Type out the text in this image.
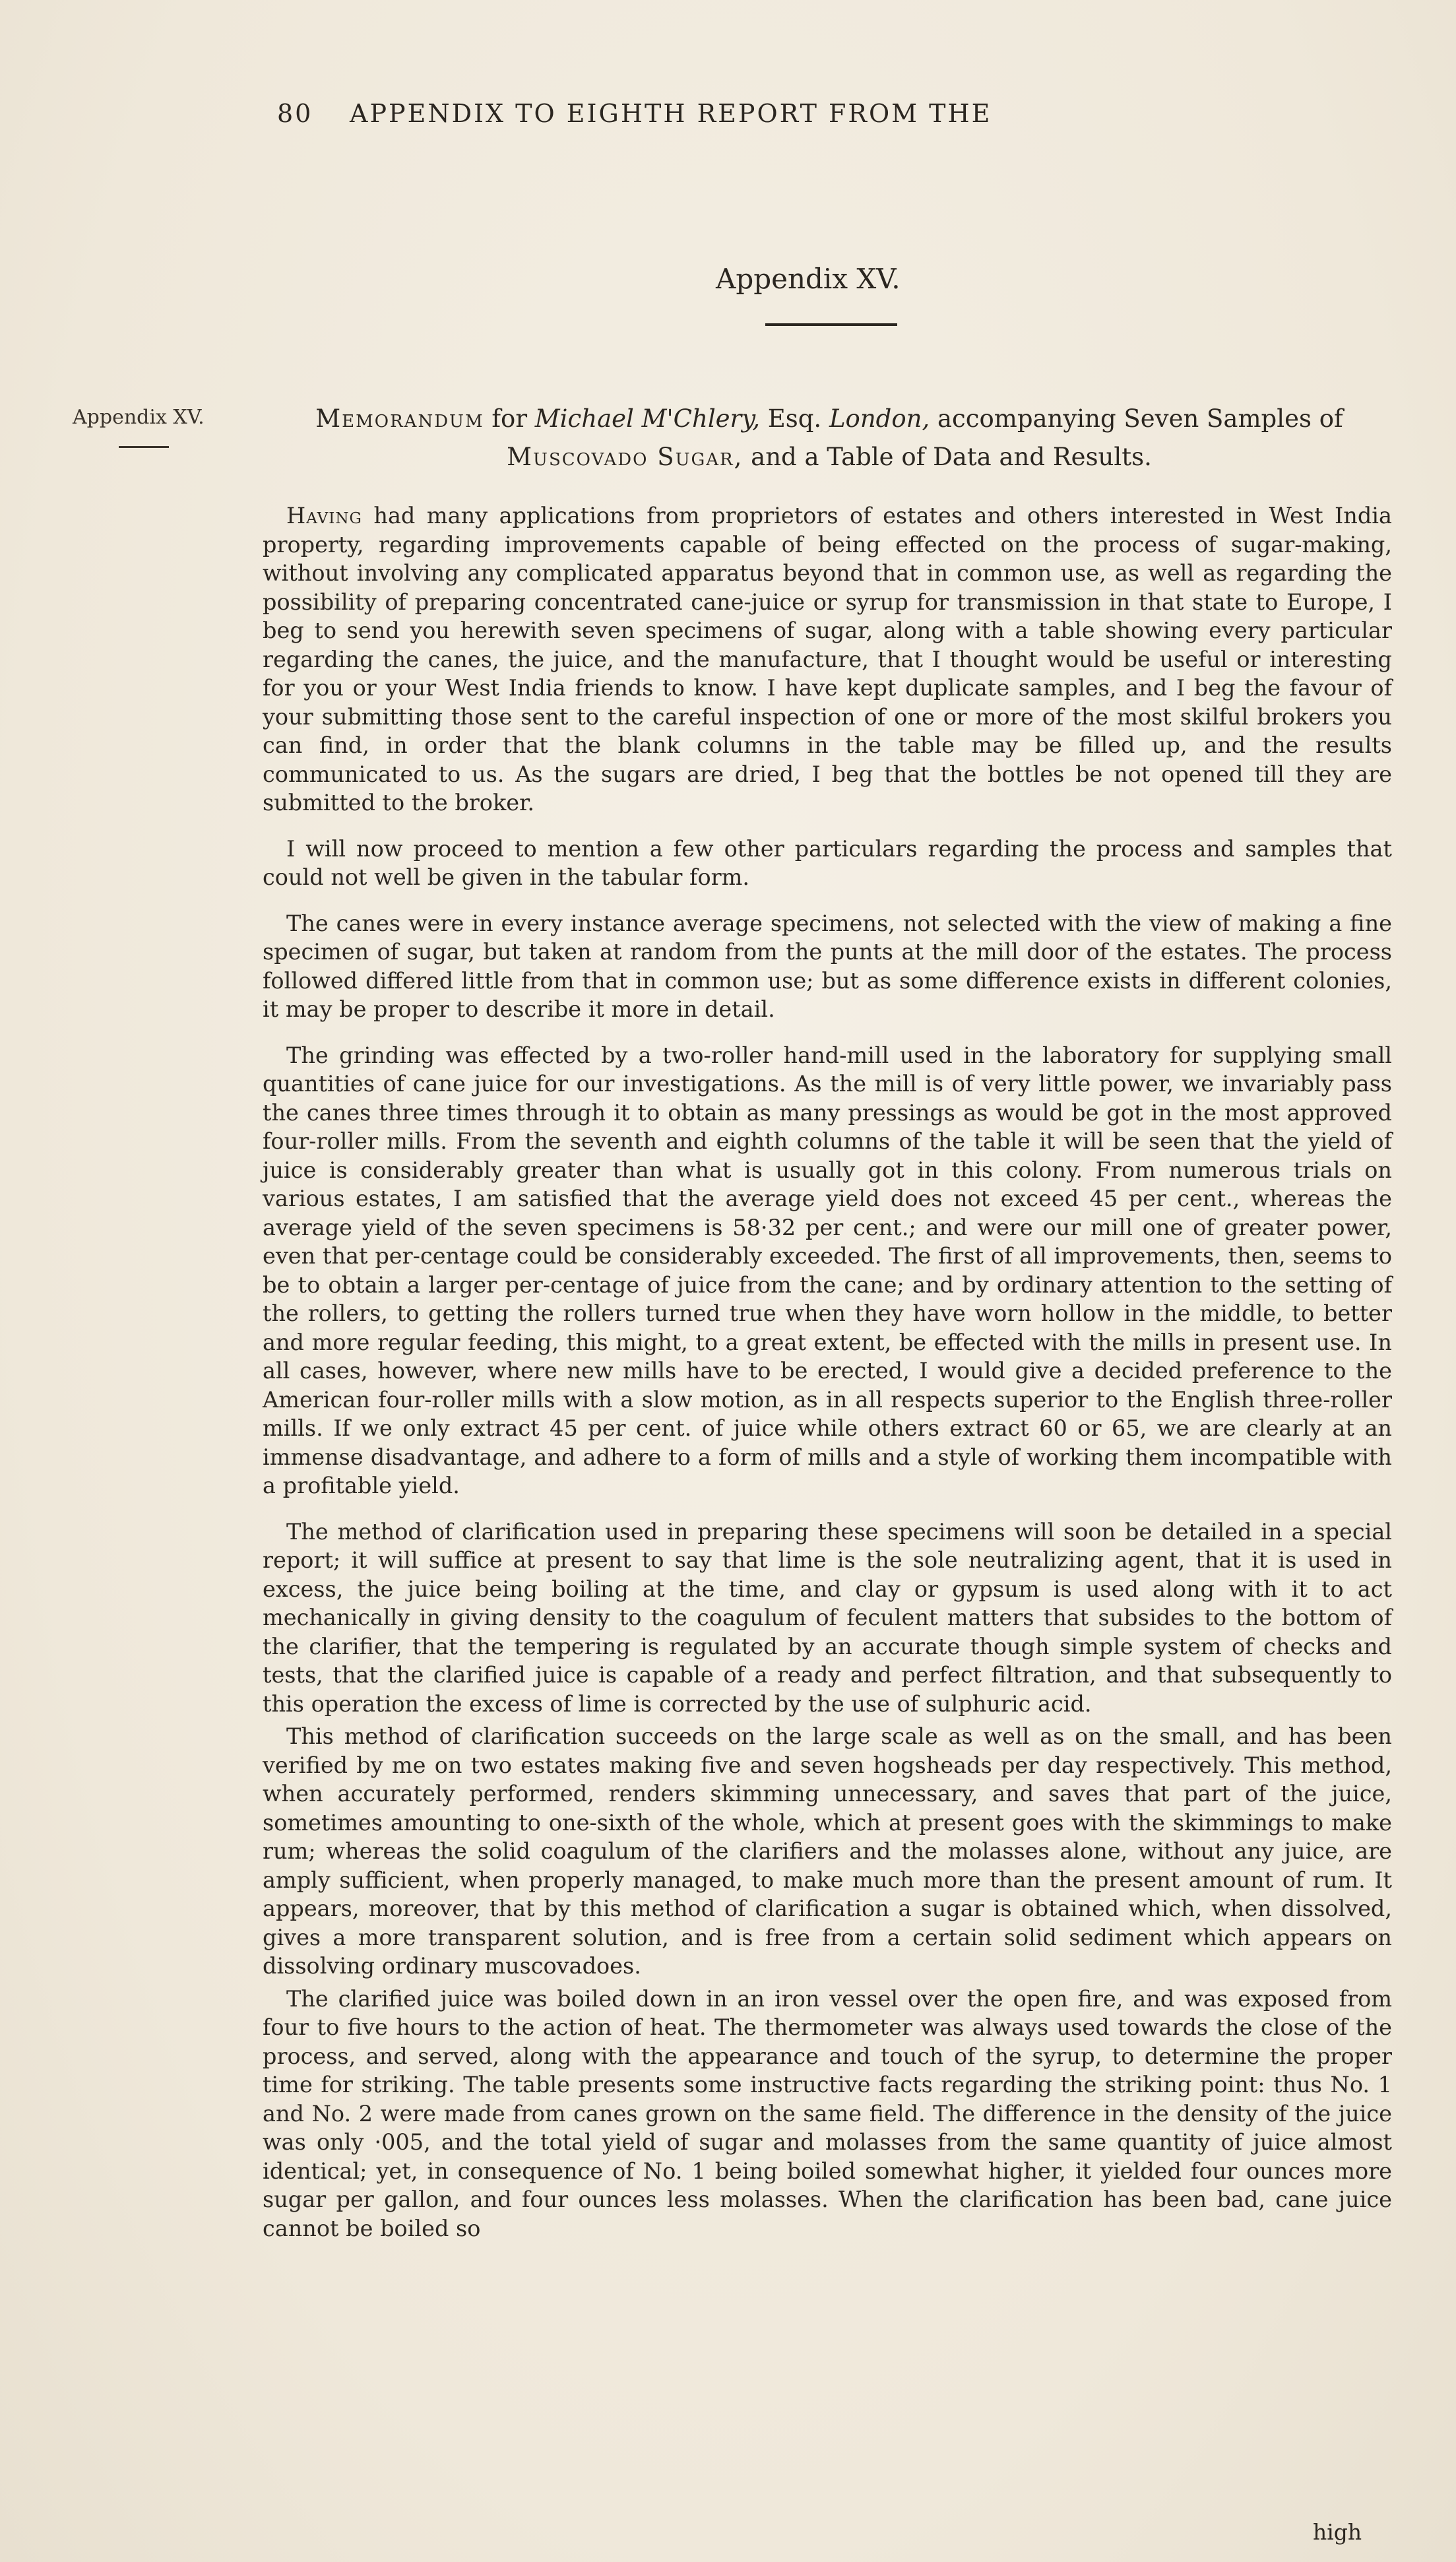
80 APPENDIX TO EIGHTH REPORT FROM THE
Appendix XV.
Appendix XV.	Memorandum for Michael M'Chlery, Esq. London, accompanying Seven Samples of
Muscovado Sugar, and a Table of Data and Results.

Having had many applications from proprietors of estates and others interested in West India property, regarding improvements capable of being effected on the process of sugar-making, without involving any complicated apparatus beyond that in common use, as well as regarding the possibility of preparing concentrated cane-juice or syrup for transmission in that state to Europe, I beg to send you herewith seven specimens of sugar, along with a table showing every particular regarding the canes, the juice, and the manufacture, that I thought would be useful or interesting for you or your West India friends to know. I have kept duplicate samples, and I beg the favour of your submitting those sent to the careful inspection of one or more of the most skilful brokers you can find, in order that the blank columns in the table may be filled up, and the results communicated to us. As the sugars are dried, I beg that the bottles be not opened till they are submitted to the broker.

I will now proceed to mention a few other particulars regarding the process and samples that could not well be given in the tabular form.

The canes were in every instance average specimens, not selected with the view of making a fine specimen of sugar, but taken at random from the punts at the mill door of the estates. The process followed differed little from that in common use; but as some difference exists in different colonies, it may be proper to describe it more in detail.

The grinding was effected by a two-roller hand-mill used in the laboratory for supplying small quantities of cane juice for our investigations. As the mill is of very little power, we invariably pass the canes three times through it to obtain as many pressings as would be got in the most approved four-roller mills. From the seventh and eighth columns of the table it will be seen that the yield of juice is considerably greater than what is usually got in this colony. From numerous trials on various estates, I am satisfied that the average yield does not exceed 45 per cent., whereas the average yield of the seven specimens is 58·32 per cent.; and were our mill one of greater power, even that per-centage could be considerably exceeded. The first of all improvements, then, seems to be to obtain a larger per-centage of juice from the cane; and by ordinary attention to the setting of the rollers, to getting the rollers turned true when they have worn hollow in the middle, to better and more regular feeding, this might, to a great extent, be effected with the mills in present use. In all cases, however, where new mills have to be erected, I would give a decided preference to the American four-roller mills with a slow motion, as in all respects superior to the English three-roller mills. If we only extract 45 per cent. of juice while others extract 60 or 65, we are clearly at an immense disadvantage, and adhere to a form of mills and a style of working them incompatible with a profitable yield.

The method of clarification used in preparing these specimens will soon be detailed in a special report; it will suffice at present to say that lime is the sole neutralizing agent, that it is used in excess, the juice being boiling at the time, and clay or gypsum is used along with it to act mechanically in giving density to the coagulum of feculent matters that subsides to the bottom of the clarifier, that the tempering is regulated by an accurate though simple system of checks and tests, that the clarified juice is capable of a ready and perfect filtration, and that subsequently to this operation the excess of lime is corrected by the use of sulphuric acid.

This method of clarification succeeds on the large scale as well as on the small, and has been verified by me on two estates making five and seven hogsheads per day respectively. This method, when accurately performed, renders skimming unnecessary, and saves that part of the juice, sometimes amounting to one-sixth of the whole, which at present goes with the skimmings to make rum; whereas the solid coagulum of the clarifiers and the molasses alone, without any juice, are amply sufficient, when properly managed, to make much more than the present amount of rum. It appears, moreover, that by this method of clarification a sugar is obtained which, when dissolved, gives a more transparent solution, and is free from a certain solid sediment which appears on dissolving ordinary muscovadoes.

The clarified juice was boiled down in an iron vessel over the open fire, and was exposed from four to five hours to the action of heat. The thermometer was always used towards the close of the process, and served, along with the appearance and touch of the syrup, to determine the proper time for striking. The table presents some instructive facts regarding the striking point: thus No. 1 and No. 2 were made from canes grown on the same field. The difference in the density of the juice was only ·005, and the total yield of sugar and molasses from the same quantity of juice almost identical; yet, in consequence of No. 1 being boiled somewhat higher, it yielded four ounces more sugar per gallon, and four ounces less molasses. When the clarification has been bad, cane juice cannot be boiled so

high
